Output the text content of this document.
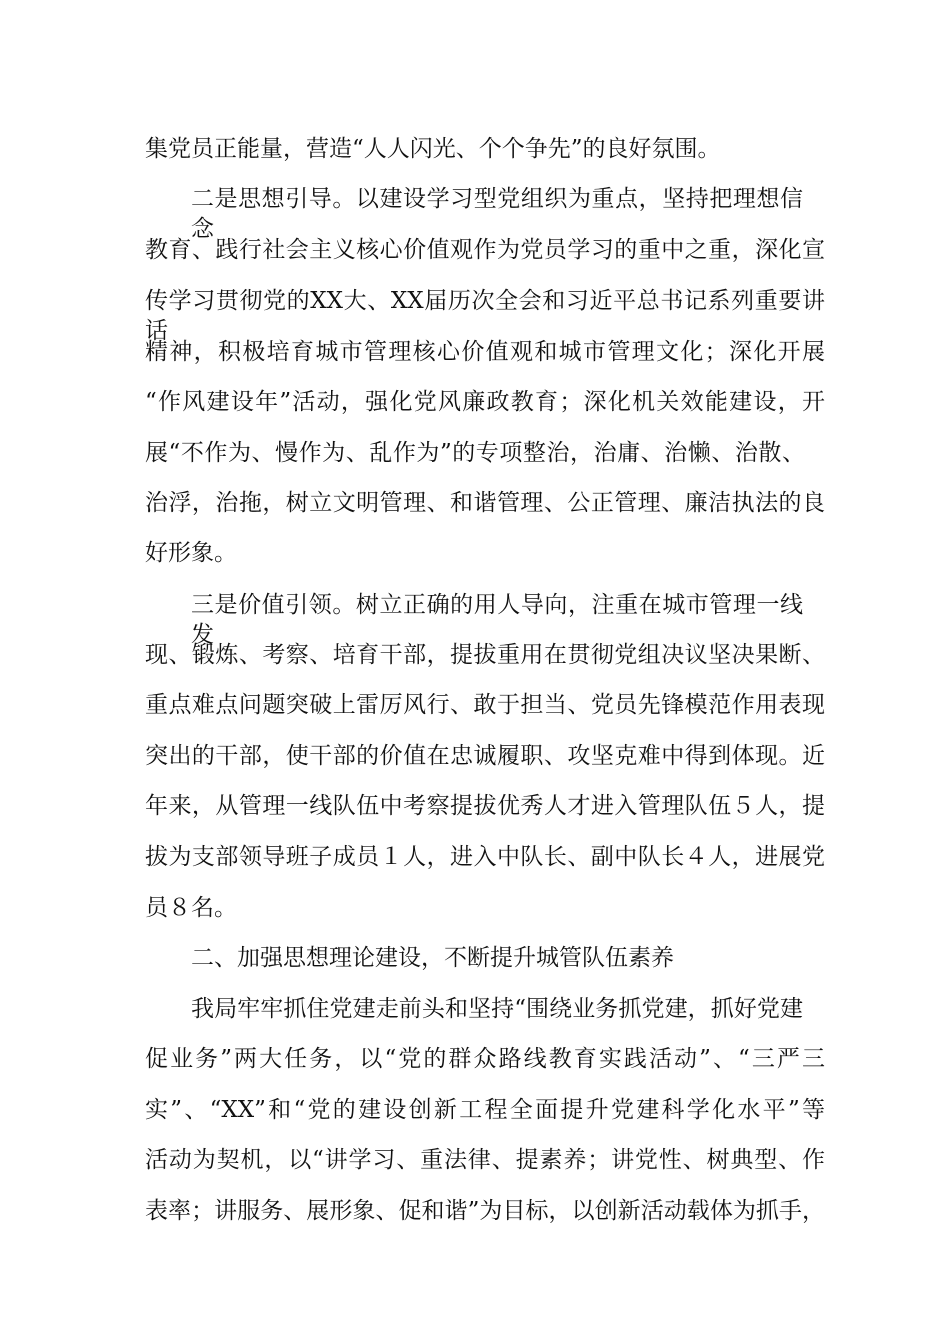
集党员正能量，营造“人人闪光、个个争先”的良好氛围。
二是思想引导。以建设学习型党组织为重点，坚持把理想信念
教育、践行社会主义核心价值观作为党员学习的重中之重，深化宣
传学习贯彻党的XX大、XX届历次全会和习近平总书记系列重要讲话
精神，积极培育城市管理核心价值观和城市管理文化；深化开展
“作风建设年”活动，强化党风廉政教育；深化机关效能建设，开
展“不作为、慢作为、乱作为”的专项整治，治庸、治懒、治散、
治浮，治拖，树立文明管理、和谐管理、公正管理、廉洁执法的良
好形象。
三是价值引领。树立正确的用人导向，注重在城市管理一线发
现、锻炼、考察、培育干部，提拔重用在贯彻党组决议坚决果断、
重点难点问题突破上雷厉风行、敢于担当、党员先锋模范作用表现
突出的干部，使干部的价值在忠诚履职、攻坚克难中得到体现。近
年来，从管理一线队伍中考察提拔优秀人才进入管理队伍５人，提
拔为支部领导班子成员１人，进入中队长、副中队长４人，进展党
员８名。
二、加强思想理论建设，不断提升城管队伍素养
我局牢牢抓住党建走前头和坚持“围绕业务抓党建，抓好党建
促业务”两大任务，以“党的群众路线教育实践活动”、“三严三
实”、“XX”和“党的建设创新工程全面提升党建科学化水平”等
活动为契机，以“讲学习、重法律、提素养；讲党性、树典型、作
表率；讲服务、展形象、促和谐”为目标，以创新活动载体为抓手，
